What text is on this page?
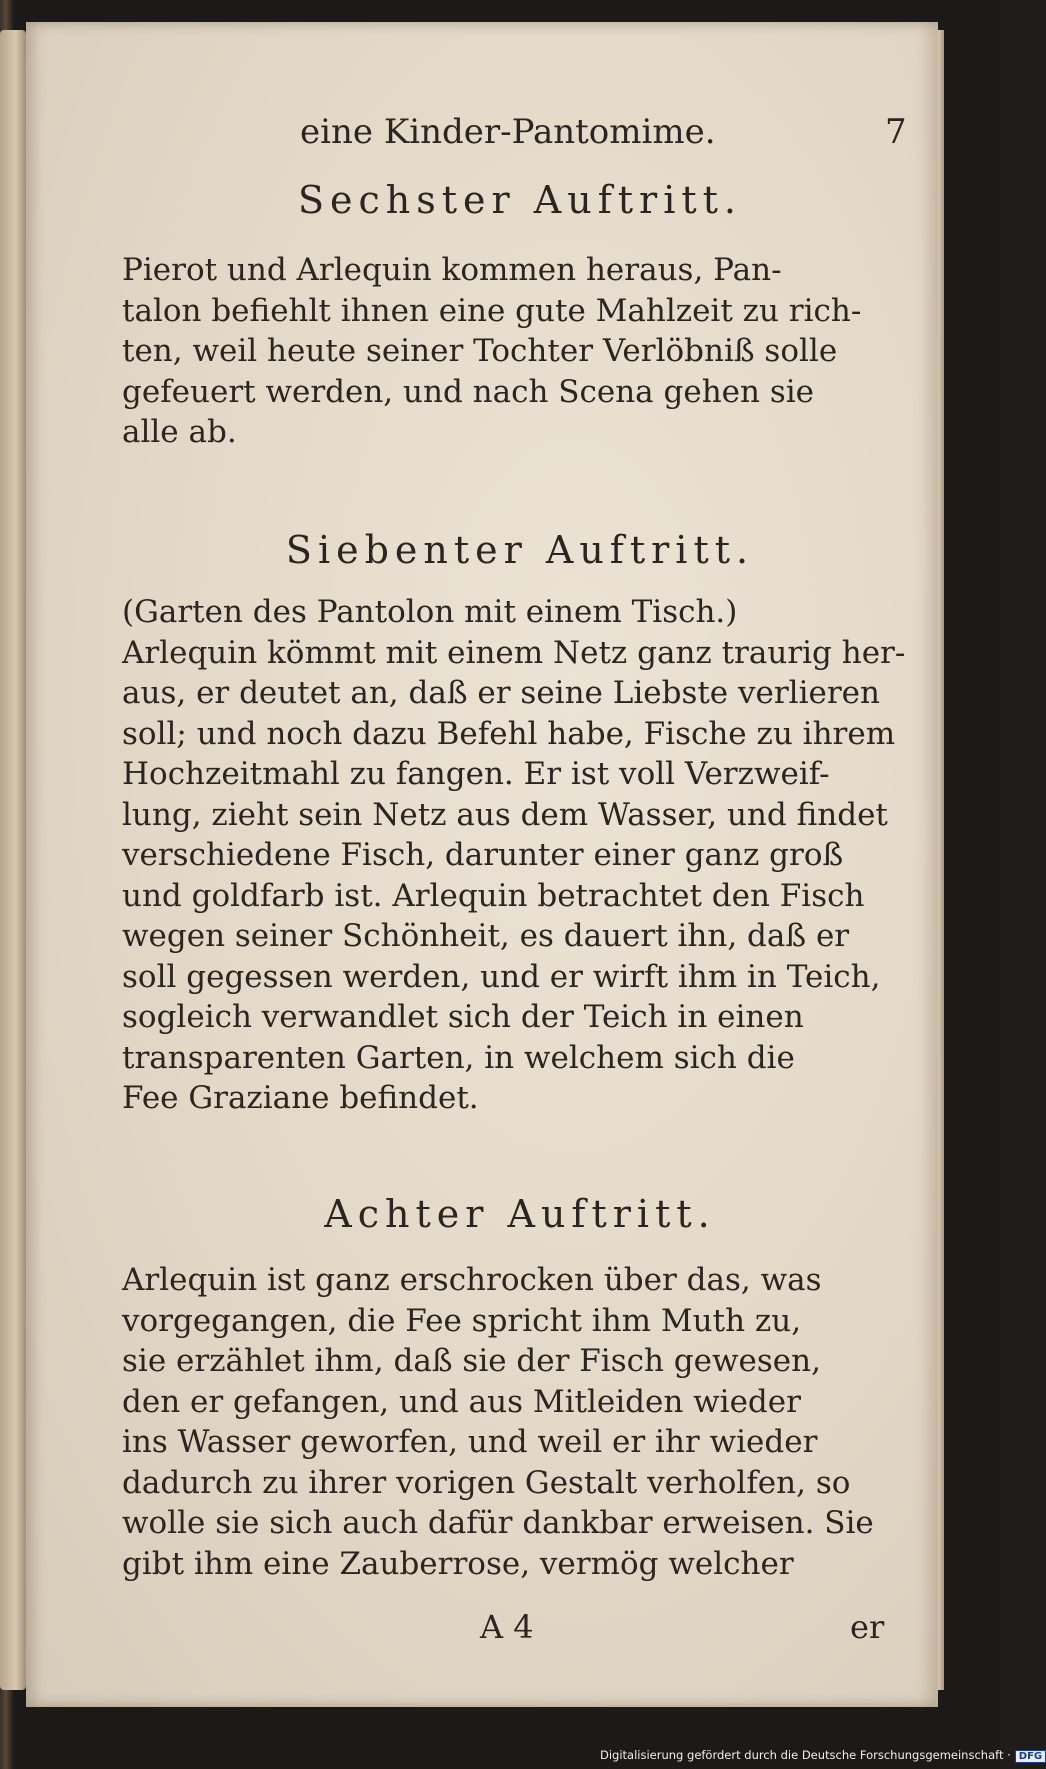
eine Kinder-Pantomime.	7
Sechster Auftritt.
Pierot und Arlequin kommen heraus, Pan-
talon befiehlt ihnen eine gute Mahlzeit zu rich-
ten, weil heute seiner Tochter Verlöbniß solle
gefeuert werden, und nach Scena gehen sie
alle ab.
Siebenter Auftritt.
(Garten des Pantolon mit einem Tisch.)
Arlequin kömmt mit einem Netz ganz traurig her-
aus, er deutet an, daß er seine Liebste verlieren
soll; und noch dazu Befehl habe, Fische zu ihrem
Hochzeitmahl zu fangen. Er ist voll Verzweif-
lung, zieht sein Netz aus dem Wasser, und findet
verschiedene Fisch, darunter einer ganz groß
und goldfarb ist. Arlequin betrachtet den Fisch
wegen seiner Schönheit, es dauert ihn, daß er
soll gegessen werden, und er wirft ihm in Teich,
sogleich verwandlet sich der Teich in einen
transparenten Garten, in welchem sich die
Fee Graziane befindet.
Achter Auftritt.
Arlequin ist ganz erschrocken über das, was
vorgegangen, die Fee spricht ihm Muth zu,
sie erzählet ihm, daß sie der Fisch gewesen,
den er gefangen, und aus Mitleiden wieder
ins Wasser geworfen, und weil er ihr wieder
dadurch zu ihrer vorigen Gestalt verholfen, so
wolle sie sich auch dafür dankbar erweisen. Sie
gibt ihm eine Zauberrose, vermög welcher
A 4	er
Digitalisierung gefördert durch die Deutsche Forschungsgemeinschaft · DFG
